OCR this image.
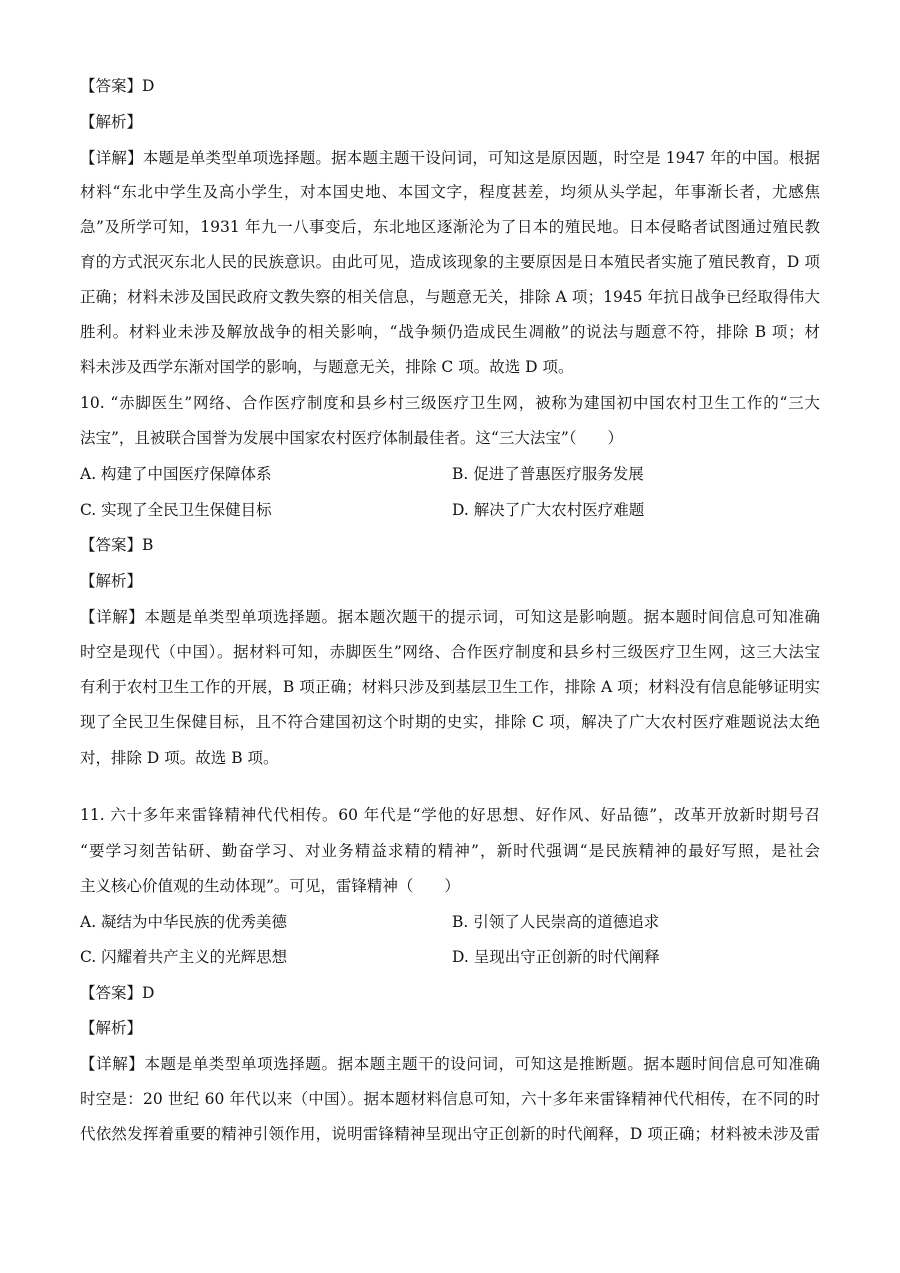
【答案】D
【解析】
【详解】本题是单类型单项选择题。据本题主题干设问词，可知这是原因题，时空是 1947 年的中国。根据
材料“东北中学生及高小学生，对本国史地、本国文字，程度甚差，均须从头学起，年事渐长者，尤感焦
急”及所学可知，1931 年九一八事变后，东北地区逐渐沦为了日本的殖民地。日本侵略者试图通过殖民教
育的方式泯灭东北人民的民族意识。由此可见，造成该现象的主要原因是日本殖民者实施了殖民教育，D 项
正确；材料未涉及国民政府文教失察的相关信息，与题意无关，排除 A 项；1945 年抗日战争已经取得伟大
胜利。材料业未涉及解放战争的相关影响，“战争频仍造成民生凋敝”的说法与题意不符，排除 B 项；材
料未涉及西学东渐对国学的影响，与题意无关，排除 C 项。故选 D 项。
10. “赤脚医生”网络、合作医疗制度和县乡村三级医疗卫生网，被称为建国初中国农村卫生工作的“三大
法宝”，且被联合国誉为发展中国家农村医疗体制最佳者。这“三大法宝”（　　）
A. 构建了中国医疗保障体系	B. 促进了普惠医疗服务发展
C. 实现了全民卫生保健目标	D. 解决了广大农村医疗难题
【答案】B
【解析】
【详解】本题是单类型单项选择题。据本题次题干的提示词，可知这是影响题。据本题时间信息可知准确
时空是现代（中国）。据材料可知，赤脚医生”网络、合作医疗制度和县乡村三级医疗卫生网，这三大法宝
有利于农村卫生工作的开展，B 项正确；材料只涉及到基层卫生工作，排除 A 项；材料没有信息能够证明实
现了全民卫生保健目标，且不符合建国初这个时期的史实，排除 C 项，解决了广大农村医疗难题说法太绝
对，排除 D 项。故选 B 项。
11. 六十多年来雷锋精神代代相传。60 年代是“学他的好思想、好作风、好品德”，改革开放新时期号召
“要学习刻苦钻研、勤奋学习、对业务精益求精的精神”，新时代强调“是民族精神的最好写照，是社会
主义核心价值观的生动体现”。可见，雷锋精神（　　）
A. 凝结为中华民族的优秀美德	B. 引领了人民崇高的道德追求
C. 闪耀着共产主义的光辉思想	D. 呈现出守正创新的时代阐释
【答案】D
【解析】
【详解】本题是单类型单项选择题。据本题主题干的设问词，可知这是推断题。据本题时间信息可知准确
时空是：20 世纪 60 年代以来（中国）。据本题材料信息可知，六十多年来雷锋精神代代相传，在不同的时
代依然发挥着重要的精神引领作用，说明雷锋精神呈现出守正创新的时代阐释，D 项正确；材料被未涉及雷
